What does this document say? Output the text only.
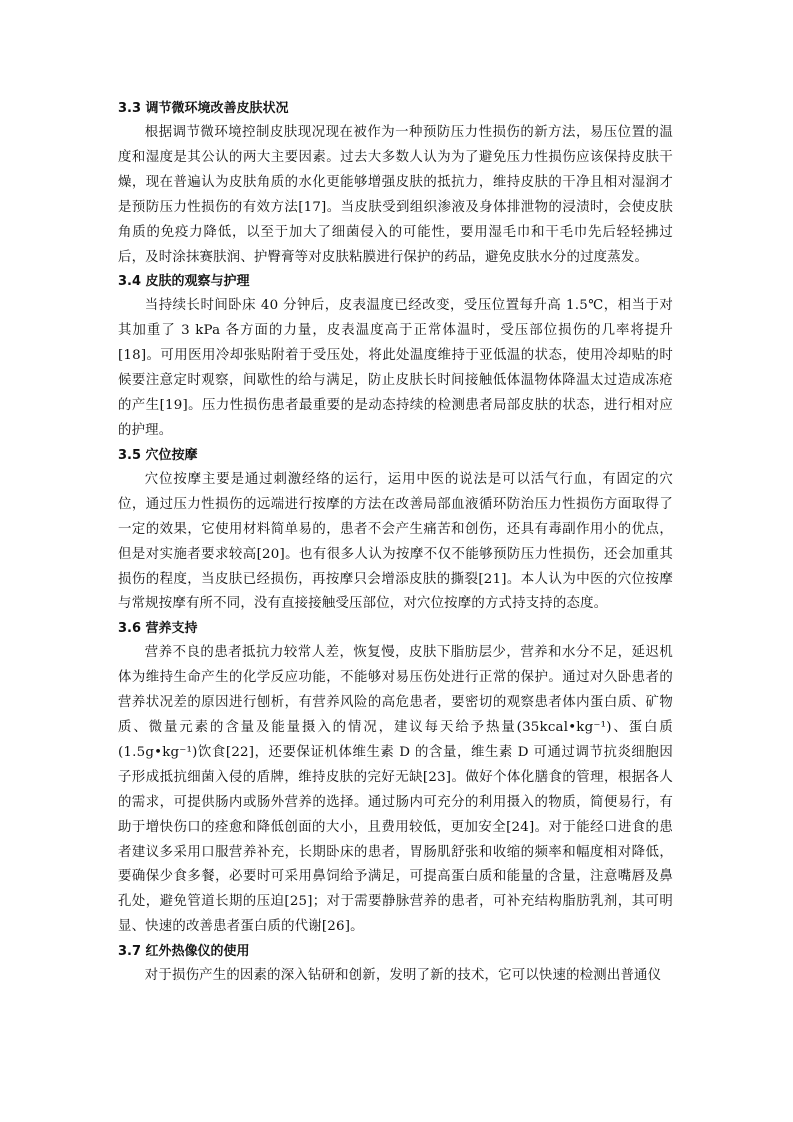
3.3 调节微环境改善皮肤状况

根据调节微环境控制皮肤现况现在被作为一种预防压力性损伤的新方法，易压位置的温度和湿度是其公认的两大主要因素。过去大多数人认为为了避免压力性损伤应该保持皮肤干燥，现在普遍认为皮肤角质的水化更能够增强皮肤的抵抗力，维持皮肤的干净且相对湿润才是预防压力性损伤的有效方法[17]。当皮肤受到组织渗液及身体排泄物的浸渍时，会使皮肤角质的免疫力降低，以至于加大了细菌侵入的可能性，要用湿毛巾和干毛巾先后轻轻拂过后，及时涂抹赛肤润、护臀膏等对皮肤粘膜进行保护的药品，避免皮肤水分的过度蒸发。

3.4 皮肤的观察与护理

当持续长时间卧床 40 分钟后，皮表温度已经改变，受压位置每升高 1.5℃，相当于对其加重了 3 kPa 各方面的力量，皮表温度高于正常体温时，受压部位损伤的几率将提升[18]。可用医用冷却张贴附着于受压处，将此处温度维持于亚低温的状态，使用冷却贴的时候要注意定时观察，间歇性的给与满足，防止皮肤长时间接触低体温物体降温太过造成冻疮的产生[19]。压力性损伤患者最重要的是动态持续的检测患者局部皮肤的状态，进行相对应的护理。

3.5 穴位按摩

穴位按摩主要是通过刺激经络的运行，运用中医的说法是可以活气行血，有固定的穴位，通过压力性损伤的远端进行按摩的方法在改善局部血液循环防治压力性损伤方面取得了一定的效果，它使用材料简单易的，患者不会产生痛苦和创伤，还具有毒副作用小的优点，但是对实施者要求较高[20]。也有很多人认为按摩不仅不能够预防压力性损伤，还会加重其损伤的程度，当皮肤已经损伤，再按摩只会增添皮肤的撕裂[21]。本人认为中医的穴位按摩与常规按摩有所不同，没有直接接触受压部位，对穴位按摩的方式持支持的态度。

3.6 营养支持

营养不良的患者抵抗力较常人差，恢复慢，皮肤下脂肪层少，营养和水分不足，延迟机体为维持生命产生的化学反应功能，不能够对易压伤处进行正常的保护。通过对久卧患者的营养状况差的原因进行刨析，有营养风险的高危患者，要密切的观察患者体内蛋白质、矿物质、微量元素的含量及能量摄入的情况，建议每天给予热量(35kcal•kg⁻¹)、蛋白质(1.5g•kg⁻¹)饮食[22]，还要保证机体维生素 D 的含量，维生素 D 可通过调节抗炎细胞因子形成抵抗细菌入侵的盾牌，维持皮肤的完好无缺[23]。做好个体化膳食的管理，根据各人的需求，可提供肠内或肠外营养的选择。通过肠内可充分的利用摄入的物质，简便易行，有助于增快伤口的痊愈和降低创面的大小，且费用较低，更加安全[24]。对于能经口进食的患者建议多采用口服营养补充，长期卧床的患者，胃肠肌舒张和收缩的频率和幅度相对降低，要确保少食多餐，必要时可采用鼻饲给予满足，可提高蛋白质和能量的含量，注意嘴唇及鼻孔处，避免管道长期的压迫[25]；对于需要静脉营养的患者，可补充结构脂肪乳剂，其可明显、快速的改善患者蛋白质的代谢[26]。

3.7 红外热像仪的使用

对于损伤产生的因素的深入钻研和创新，发明了新的技术，它可以快速的检测出普通仪
